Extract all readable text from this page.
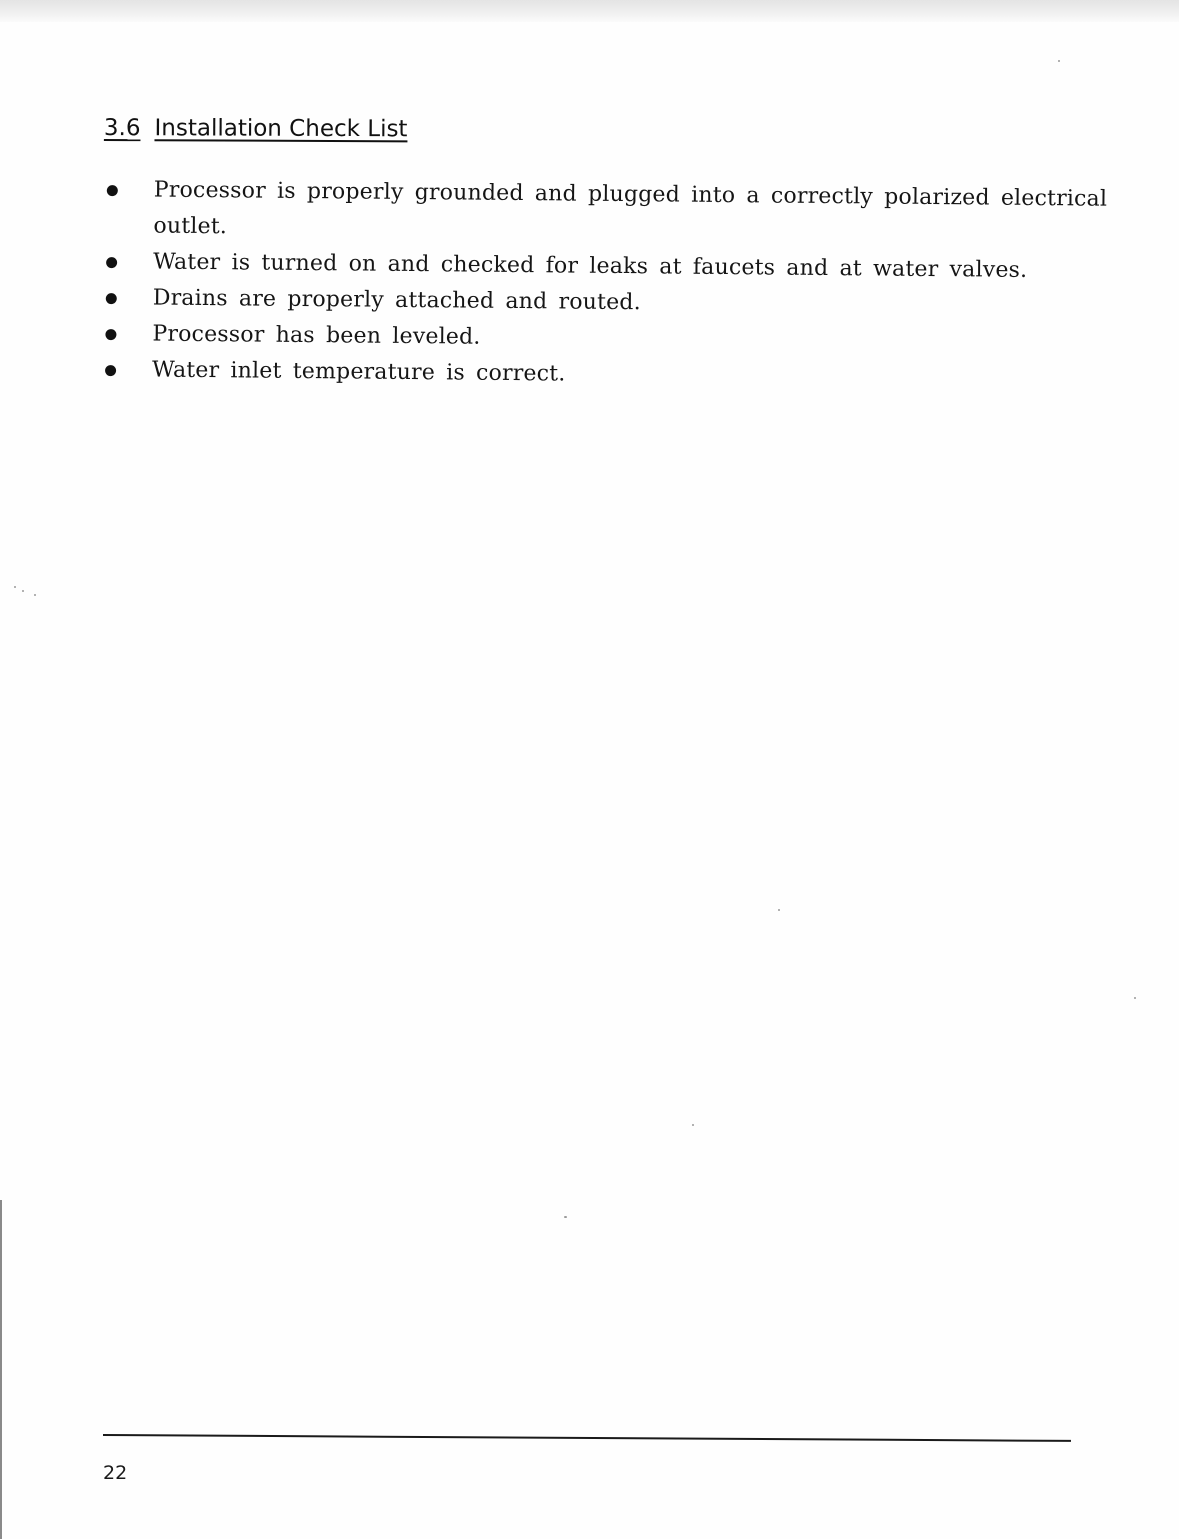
3.6 Installation Check List
Processor is properly grounded and plugged into a correctly polarized electrical outlet.
Water is turned on and checked for leaks at faucets and at water valves.
Drains are properly attached and routed.
Processor has been leveled.
Water inlet temperature is correct.
22
